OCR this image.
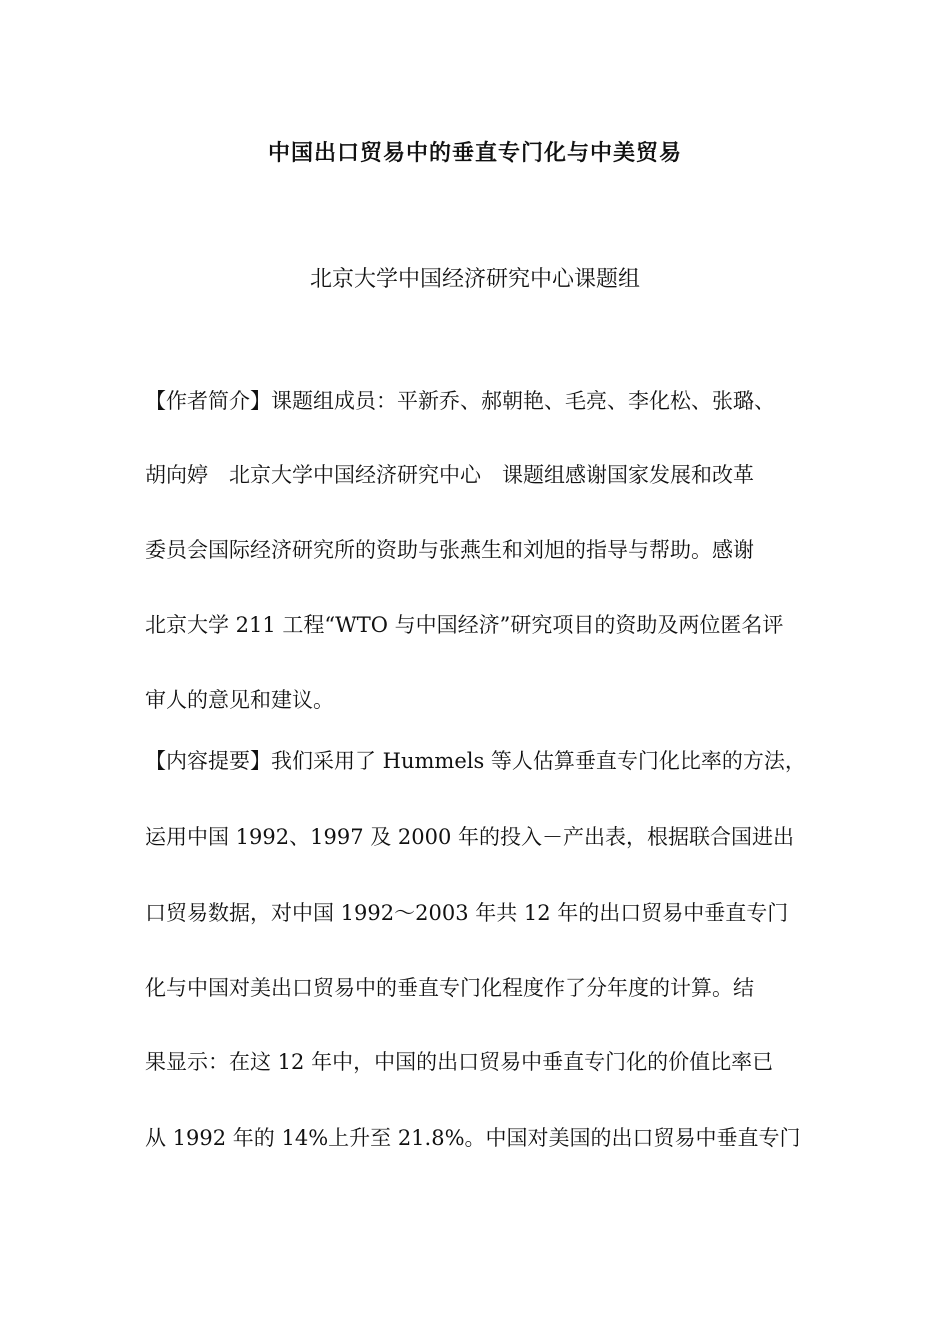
中国出口贸易中的垂直专门化与中美贸易
北京大学中国经济研究中心课题组
【作者简介】课题组成员：平新乔、郝朝艳、毛亮、李化松、张璐、
胡向婷　北京大学中国经济研究中心　课题组感谢国家发展和改革
委员会国际经济研究所的资助与张燕生和刘旭的指导与帮助。感谢
北京大学 211 工程“WTO 与中国经济”研究项目的资助及两位匿名评
审人的意见和建议。
【内容提要】我们采用了 Hummels 等人估算垂直专门化比率的方法，
运用中国 1992、1997 及 2000 年的投入－产出表，根据联合国进出
口贸易数据，对中国 1992～2003 年共 12 年的出口贸易中垂直专门
化与中国对美出口贸易中的垂直专门化程度作了分年度的计算。结
果显示：在这 12 年中，中国的出口贸易中垂直专门化的价值比率已
从 1992 年的 14%上升至 21.8%。中国对美国的出口贸易中垂直专门
